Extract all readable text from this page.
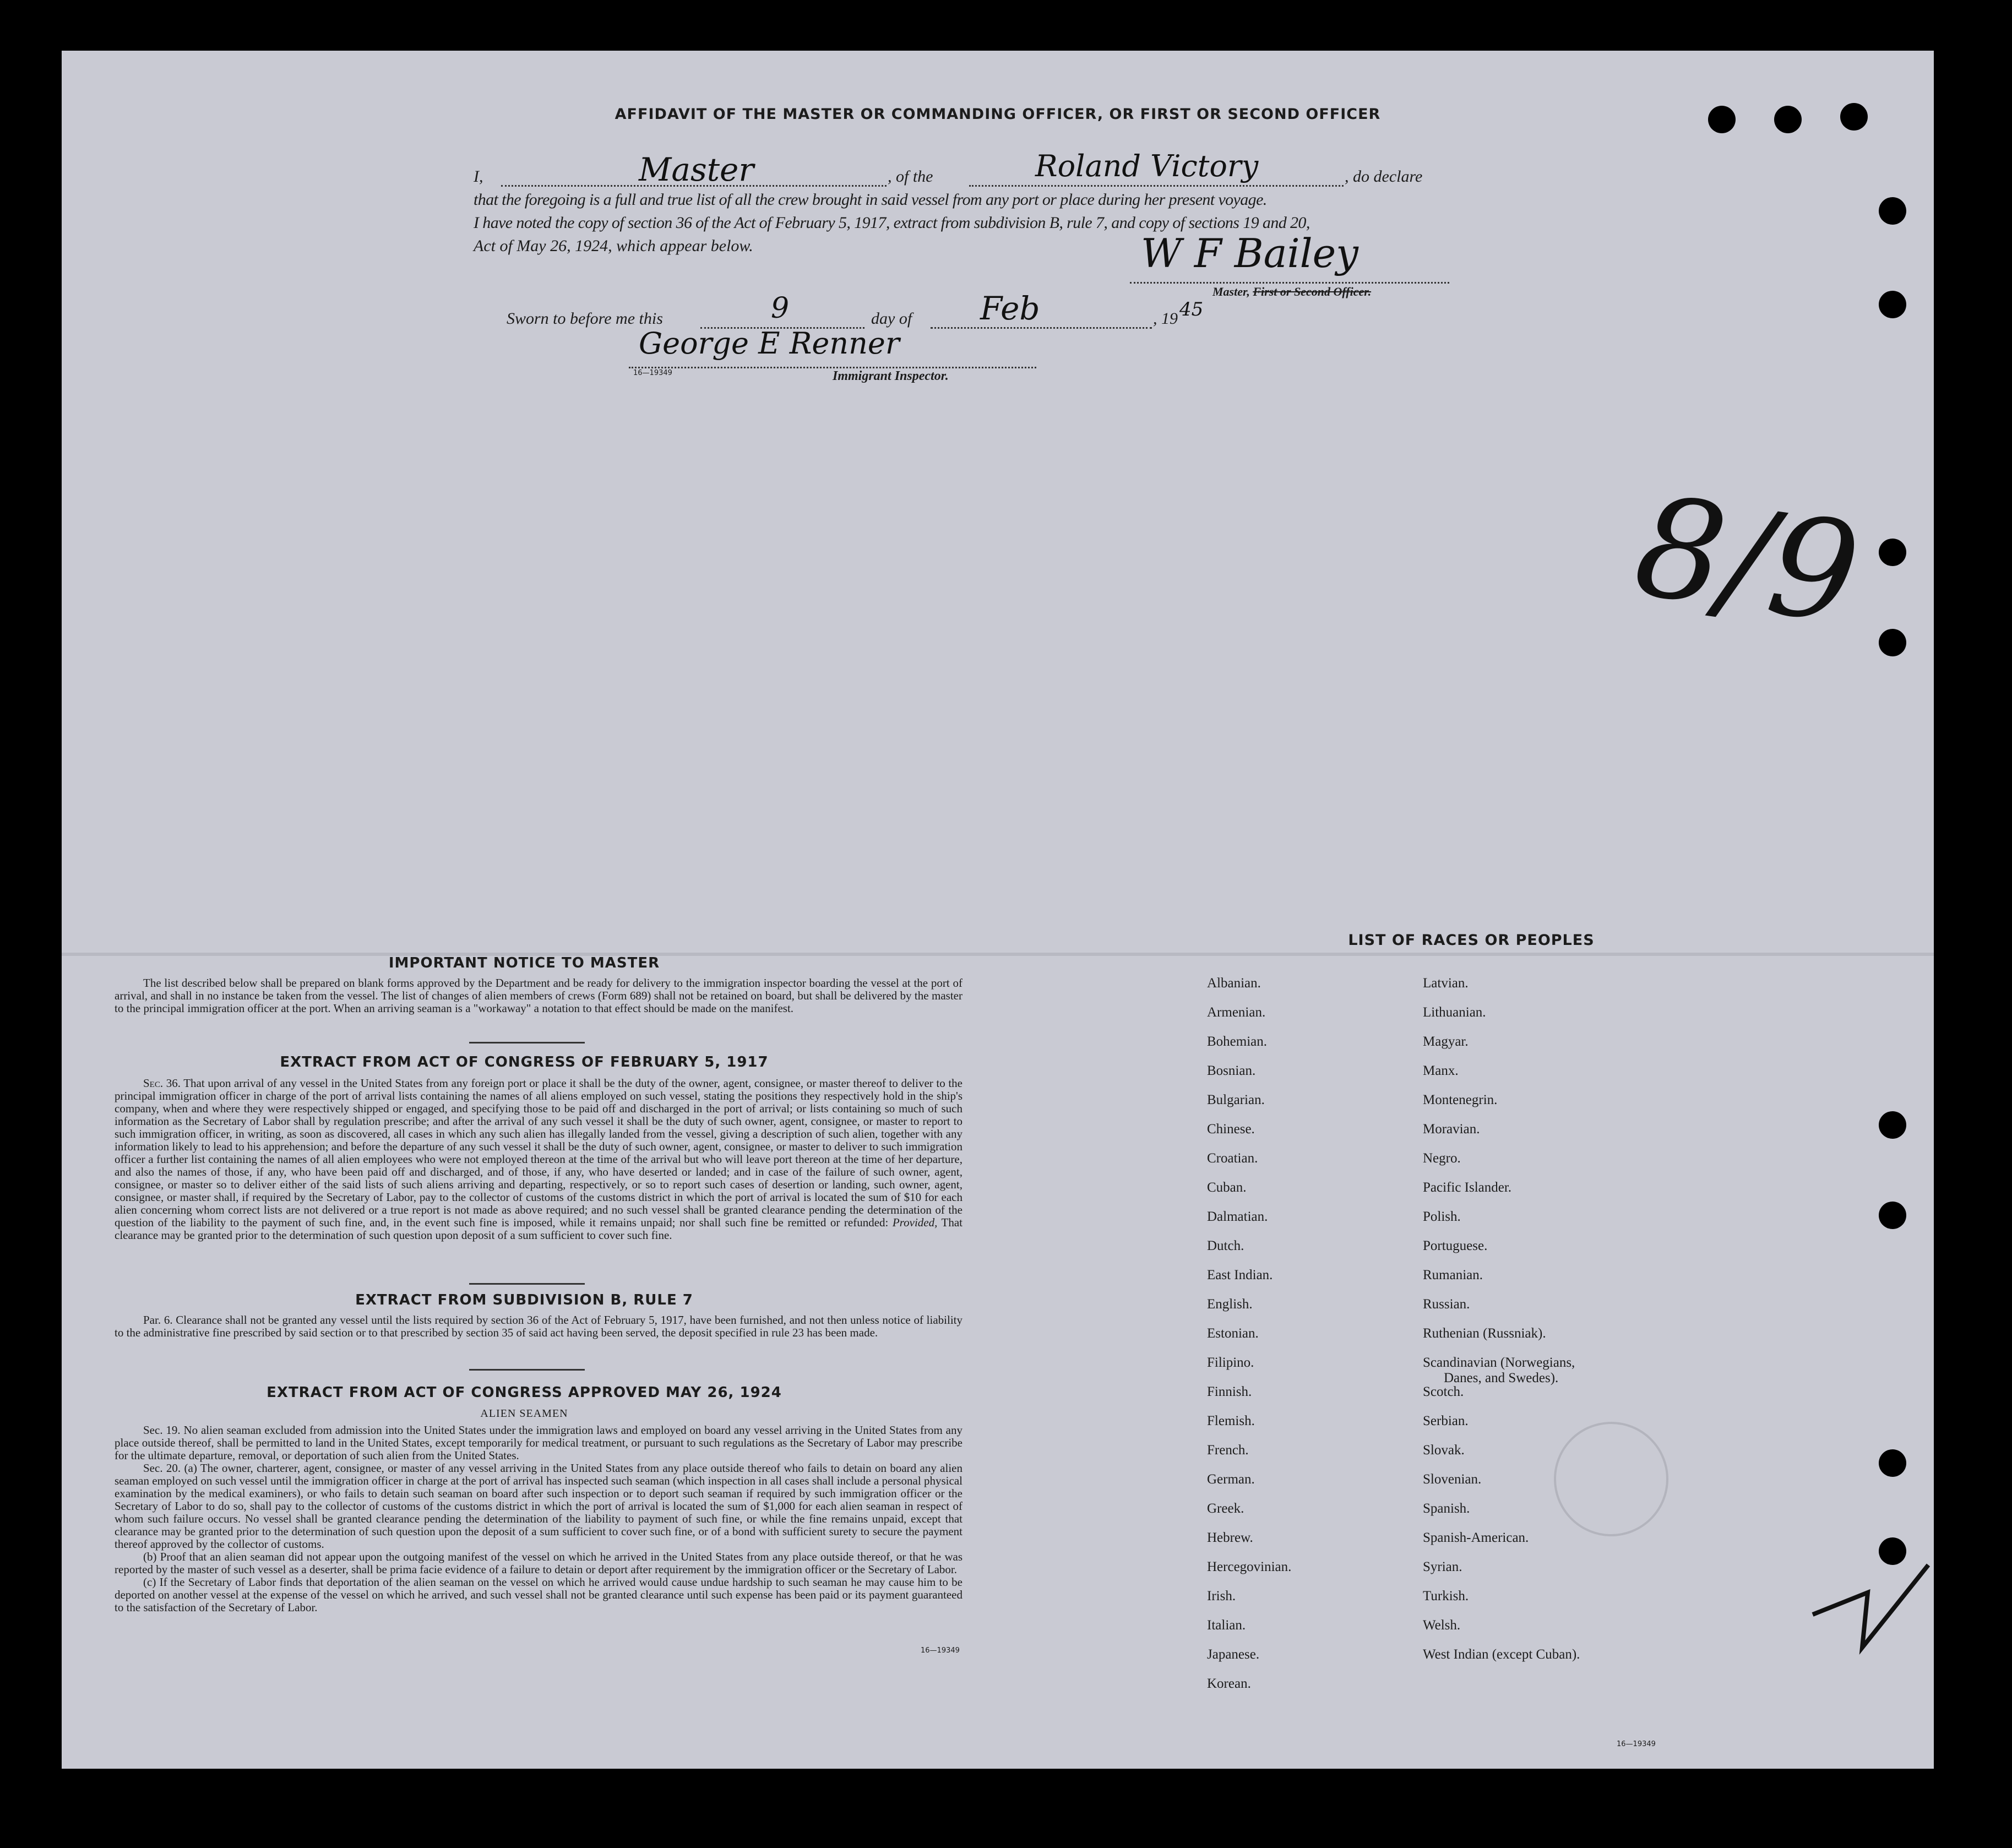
AFFIDAVIT OF THE MASTER OR COMMANDING OFFICER, OR FIRST OR SECOND OFFICER
I,	Master	, of the	Roland Victory	, do declare
that the foregoing is a full and true list of all the crew brought in said vessel from any port or place during her present voyage.
I have noted the copy of section 36 of the Act of February 5, 1917, extract from subdivision B, rule 7, and copy of sections 19 and 20,
Act of May 26, 1924, which appear below.	W F Bailey
Master, First or Second Officer.
Sworn to before me this	9	day of Feb	, 19 45
16—19349
George E Renner
Immigrant Inspector.
8/9
IMPORTANT NOTICE TO MASTER
The list described below shall be prepared on blank forms approved by the Department and be ready for delivery to the immigration inspector boarding the vessel at the port of arrival, and shall in no instance be taken from the vessel. The list of changes of alien members of crews (Form 689) shall not be retained on board, but shall be delivered by the master to the principal immigration officer at the port. When an arriving seaman is a "workaway" a notation to that effect should be made on the manifest.
EXTRACT FROM ACT OF CONGRESS OF FEBRUARY 5, 1917
Sec. 36. That upon arrival of any vessel in the United States from any foreign port or place it shall be the duty of the owner, agent, consignee, or master thereof to deliver to the principal immigration officer in charge of the port of arrival lists containing the names of all aliens employed on such vessel, stating the positions they respectively hold in the ship's company, when and where they were respectively shipped or engaged, and specifying those to be paid off and discharged in the port of arrival; or lists containing so much of such information as the Secretary of Labor shall by regulation prescribe; and after the arrival of any such vessel it shall be the duty of such owner, agent, consignee, or master to report to such immigration officer, in writing, as soon as discovered, all cases in which any such alien has illegally landed from the vessel, giving a description of such alien, together with any information likely to lead to his apprehension; and before the departure of any such vessel it shall be the duty of such owner, agent, consignee, or master to deliver to such immigration officer a further list containing the names of all alien employees who were not employed thereon at the time of the arrival but who will leave port thereon at the time of her departure, and also the names of those, if any, who have been paid off and discharged, and of those, if any, who have deserted or landed; and in case of the failure of such owner, agent, consignee, or master so to deliver either of the said lists of such aliens arriving and departing, respectively, or so to report such cases of desertion or landing, such owner, agent, consignee, or master shall, if required by the Secretary of Labor, pay to the collector of customs of the customs district in which the port of arrival is located the sum of $10 for each alien concerning whom correct lists are not delivered or a true report is not made as above required; and no such vessel shall be granted clearance pending the determination of the question of the liability to the payment of such fine, and, in the event such fine is imposed, while it remains unpaid; nor shall such fine be remitted or refunded: Provided, That clearance may be granted prior to the determination of such question upon deposit of a sum sufficient to cover such fine.
EXTRACT FROM SUBDIVISION B, RULE 7
Par. 6. Clearance shall not be granted any vessel until the lists required by section 36 of the Act of February 5, 1917, have been furnished, and not then unless notice of liability to the administrative fine prescribed by said section or to that prescribed by section 35 of said act having been served, the deposit specified in rule 23 has been made.
EXTRACT FROM ACT OF CONGRESS APPROVED MAY 26, 1924
ALIEN SEAMEN
Sec. 19. No alien seaman excluded from admission into the United States under the immigration laws and employed on board any vessel arriving in the United States from any place outside thereof, shall be permitted to land in the United States, except temporarily for medical treatment, or pursuant to such regulations as the Secretary of Labor may prescribe for the ultimate departure, removal, or deportation of such alien from the United States.
Sec. 20. (a) The owner, charterer, agent, consignee, or master of any vessel arriving in the United States from any place outside thereof who fails to detain on board any alien seaman employed on such vessel until the immigration officer in charge at the port of arrival has inspected such seaman (which inspection in all cases shall include a personal physical examination by the medical examiners), or who fails to detain such seaman on board after such inspection or to deport such seaman if required by such immigration officer or the Secretary of Labor to do so, shall pay to the collector of customs of the customs district in which the port of arrival is located the sum of $1,000 for each alien seaman in respect of whom such failure occurs. No vessel shall be granted clearance pending the determination of the liability to payment of such fine, or while the fine remains unpaid, except that clearance may be granted prior to the determination of such question upon the deposit of a sum sufficient to cover such fine, or of a bond with sufficient surety to secure the payment thereof approved by the collector of customs.
(b) Proof that an alien seaman did not appear upon the outgoing manifest of the vessel on which he arrived in the United States from any place outside thereof, or that he was reported by the master of such vessel as a deserter, shall be prima facie evidence of a failure to detain or deport after requirement by the immigration officer or the Secretary of Labor.
(c) If the Secretary of Labor finds that deportation of the alien seaman on the vessel on which he arrived would cause undue hardship to such seaman he may cause him to be deported on another vessel at the expense of the vessel on which he arrived, and such vessel shall not be granted clearance until such expense has been paid or its payment guaranteed to the satisfaction of the Secretary of Labor.
16—19349
LIST OF RACES OR PEOPLES
Albanian.
Armenian.
Bohemian.
Bosnian.
Bulgarian.
Chinese.
Croatian.
Cuban.
Dalmatian.
Dutch.
East Indian.
English.
Estonian.
Filipino.
Finnish.
Flemish.
French.
German.
Greek.
Hebrew.
Hercegovinian.
Irish.
Italian.
Japanese.
Korean.
Latvian.
Lithuanian.
Magyar.
Manx.
Montenegrin.
Moravian.
Negro.
Pacific Islander.
Polish.
Portuguese.
Rumanian.
Russian.
Ruthenian (Russniak).
Scandinavian (Norwegians,
Danes, and Swedes).
Scotch.
Serbian.
Slovak.
Slovenian.
Spanish.
Spanish-American.
Syrian.
Turkish.
Welsh.
West Indian (except Cuban).
16—19349
